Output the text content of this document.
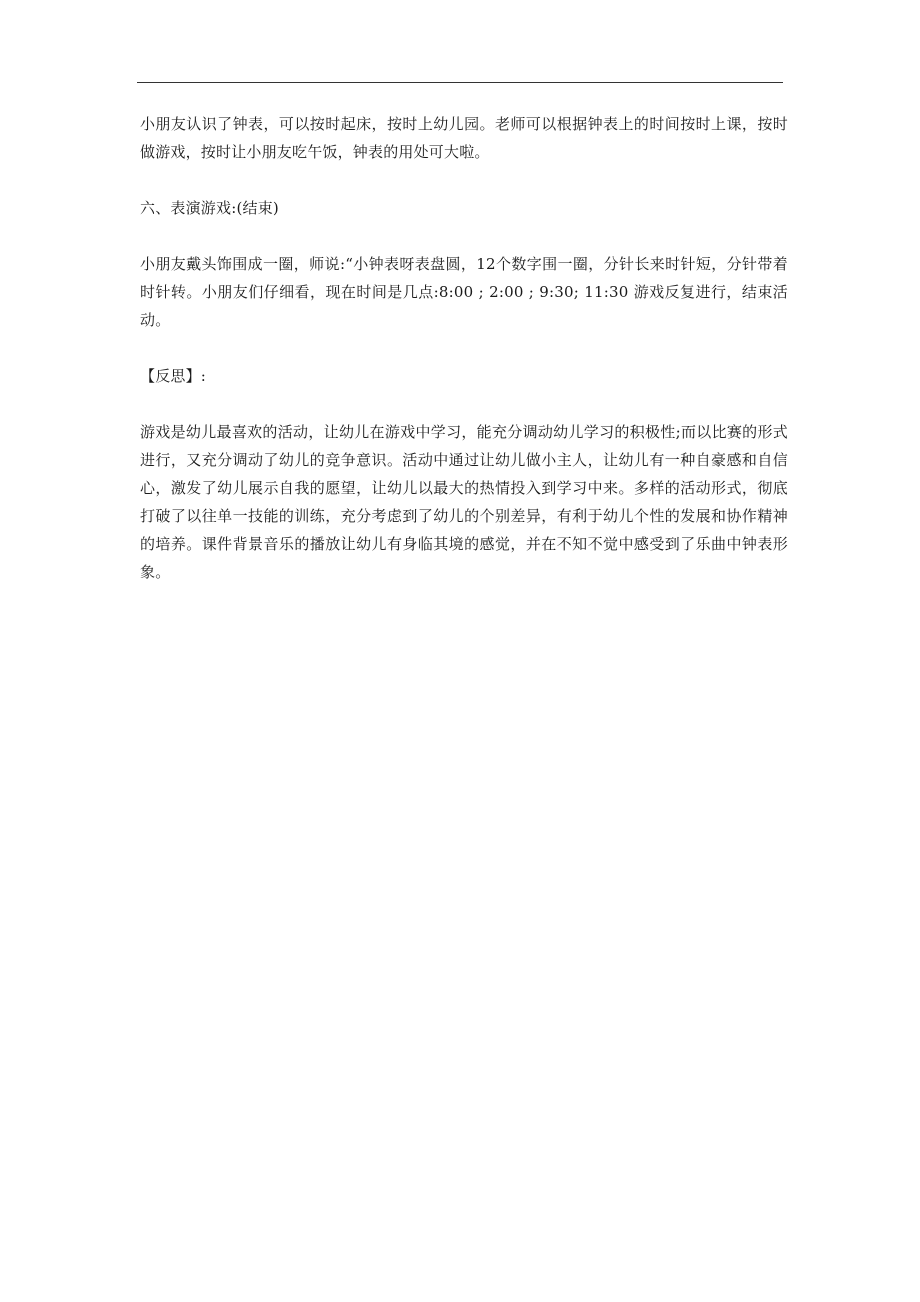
小朋友认识了钟表，可以按时起床，按时上幼儿园。老师可以根据钟表上的时间按时上课，按时做游戏，按时让小朋友吃午饭，钟表的用处可大啦。

六、表演游戏:(结束)

小朋友戴头饰围成一圈，师说:“小钟表呀表盘圆，12个数字围一圈，分针长来时针短，分针带着时针转。小朋友们仔细看，现在时间是几点:8:00 ; 2:00 ; 9:30; 11:30 游戏反复进行，结束活动。

【反思】:

游戏是幼儿最喜欢的活动，让幼儿在游戏中学习，能充分调动幼儿学习的积极性;而以比赛的形式进行，又充分调动了幼儿的竞争意识。活动中通过让幼儿做小主人，让幼儿有一种自豪感和自信心，激发了幼儿展示自我的愿望，让幼儿以最大的热情投入到学习中来。多样的活动形式，彻底打破了以往单一技能的训练，充分考虑到了幼儿的个别差异，有利于幼儿个性的发展和协作精神的培养。课件背景音乐的播放让幼儿有身临其境的感觉，并在不知不觉中感受到了乐曲中钟表形象。
